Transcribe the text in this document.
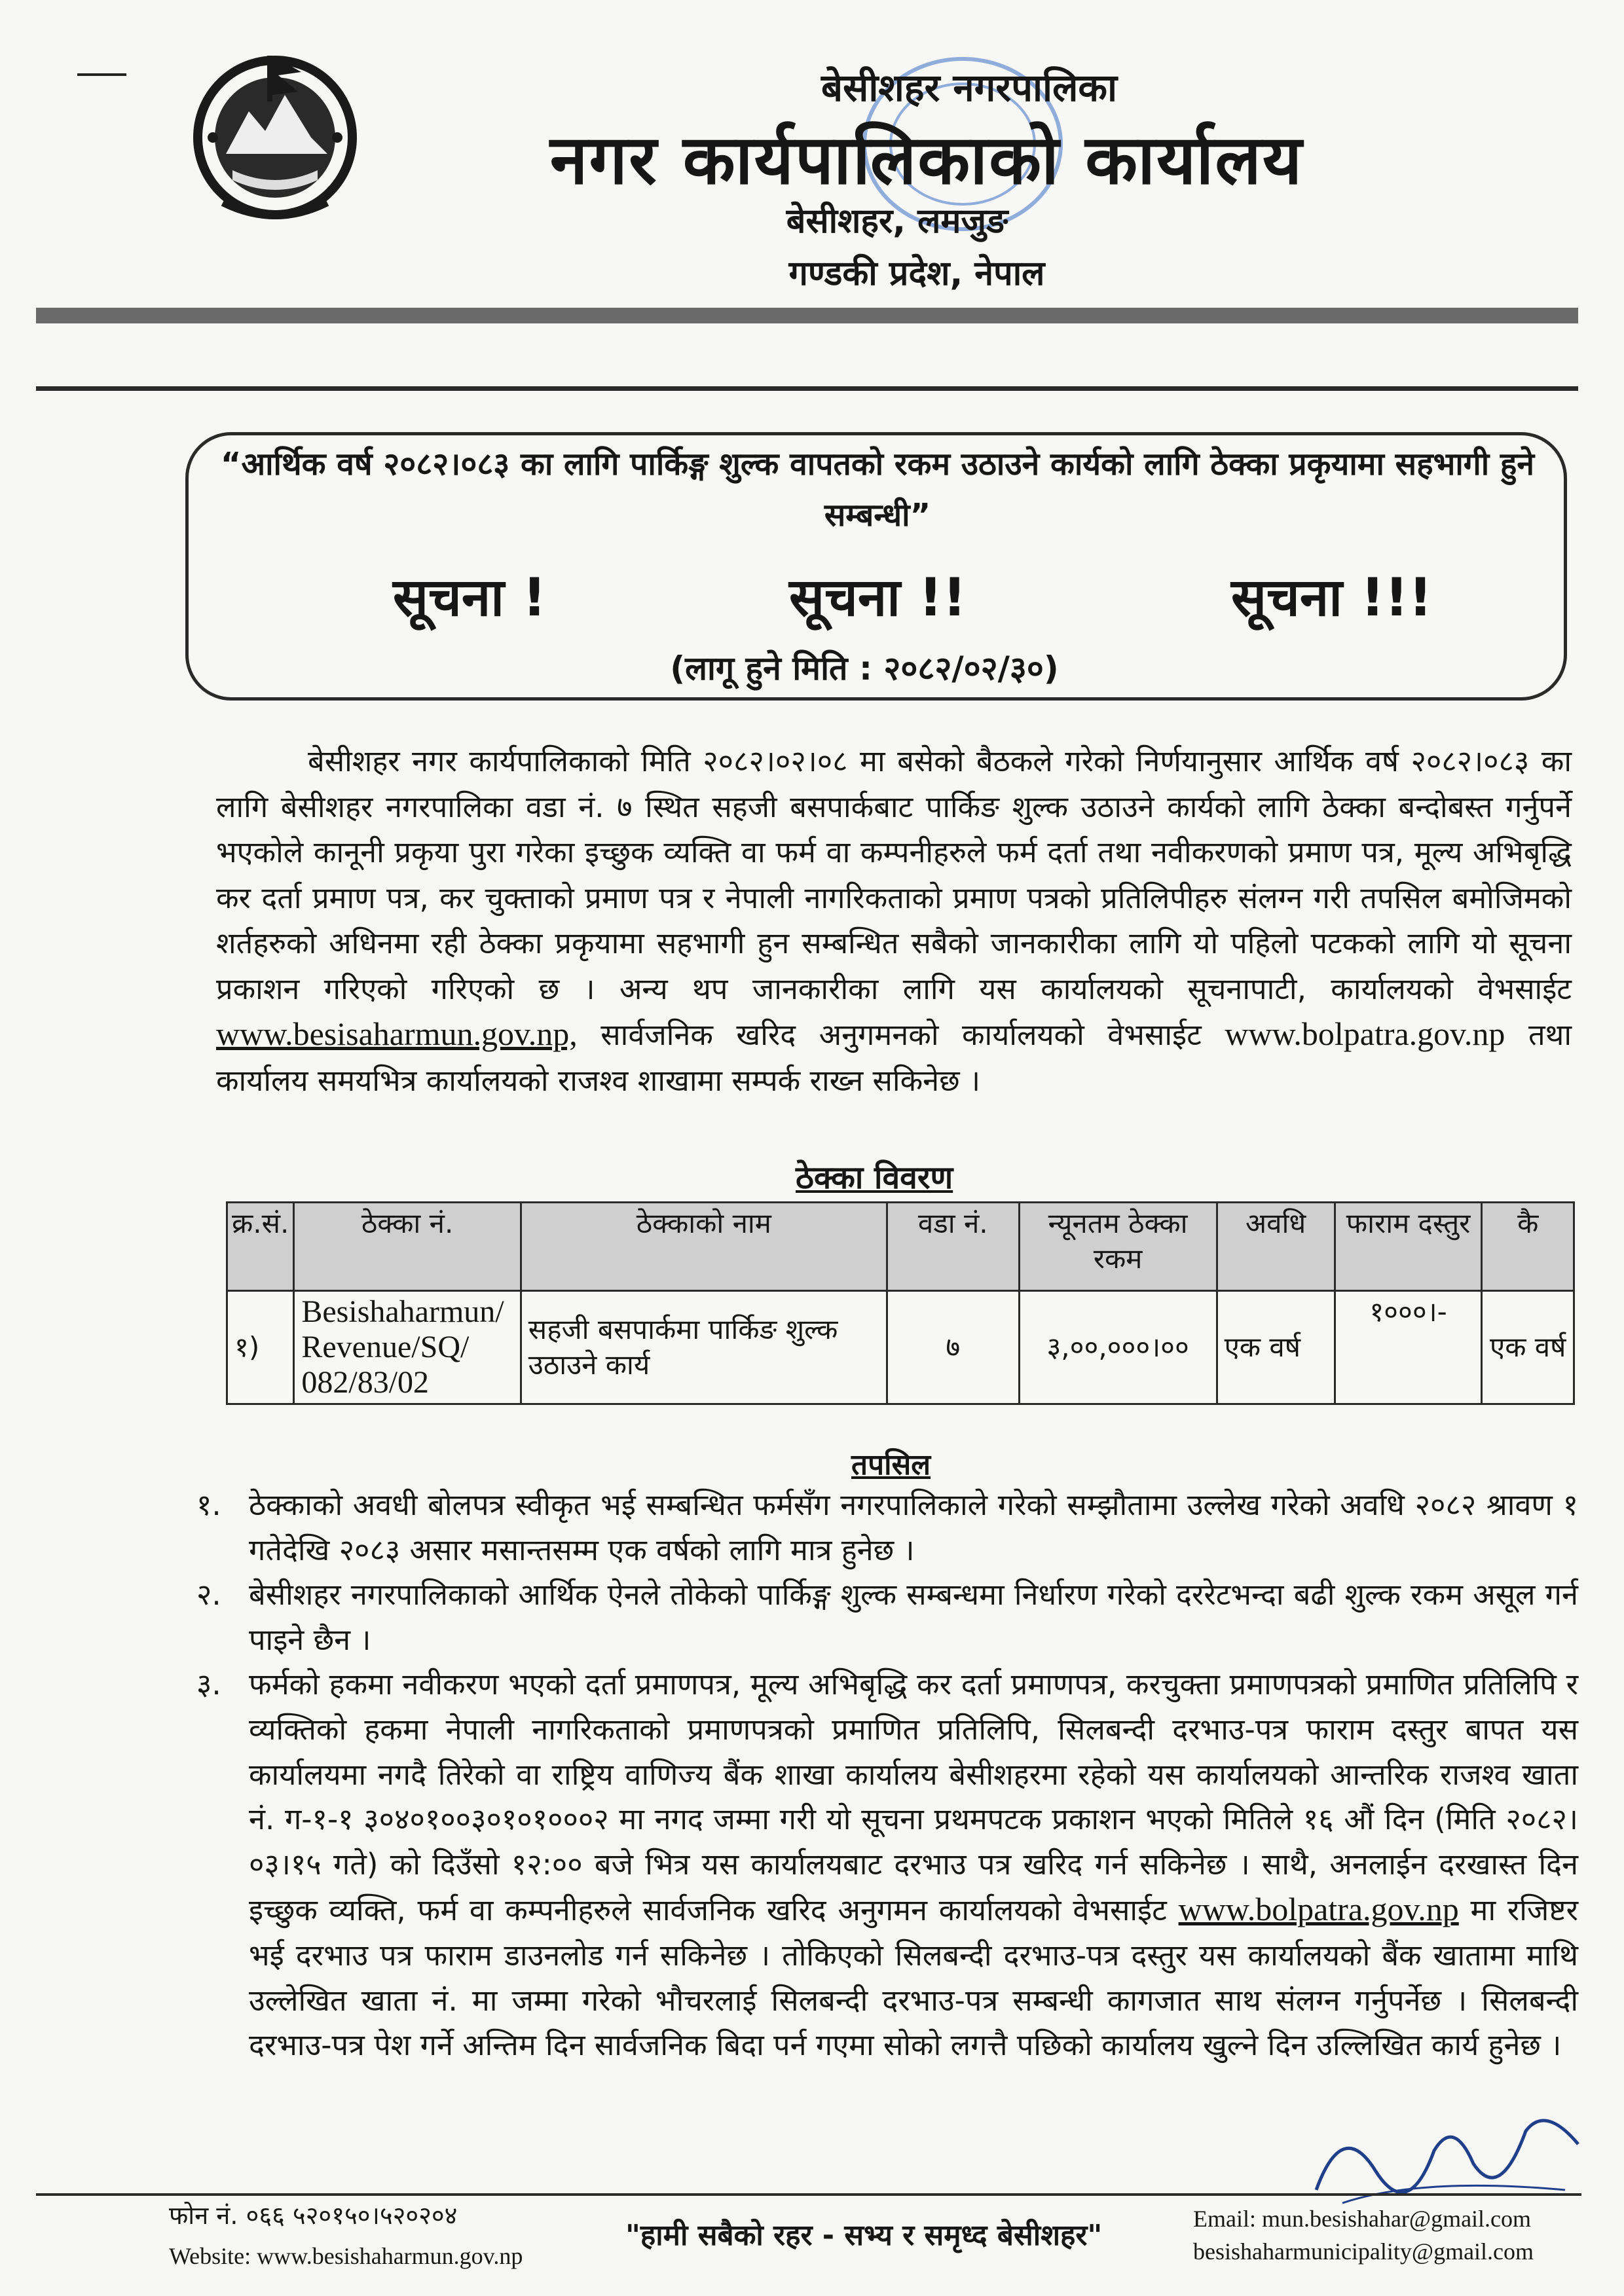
बेसीशहर नगरपालिका
नगर कार्यपालिकाको कार्यालय
बेसीशहर, लमजुङ
गण्डकी प्रदेश, नेपाल
“आर्थिक वर्ष २०८२।०८३ का लागि पार्किङ्ग शुल्क वापतको रकम उठाउने कार्यको लागि ठेक्का प्रकृयामा सहभागी हुने सम्बन्धी”
सूचना !	सूचना !!	सूचना !!!
(लागू हुने मिति : २०८२/०२/३०)
बेसीशहर नगर कार्यपालिकाको मिति २०८२।०२।०८ मा बसेको बैठकले गरेको निर्णयानुसार आर्थिक वर्ष २०८२।०८३ का लागि बेसीशहर नगरपालिका वडा नं. ७ स्थित सहजी बसपार्कबाट पार्किङ शुल्क उठाउने कार्यको लागि ठेक्का बन्दोबस्त गर्नुपर्ने भएकोले कानूनी प्रकृया पुरा गरेका इच्छुक व्यक्ति वा फर्म वा कम्पनीहरुले फर्म दर्ता तथा नवीकरणको प्रमाण पत्र, मूल्य अभिबृद्धि कर दर्ता प्रमाण पत्र, कर चुक्ताको प्रमाण पत्र र नेपाली नागरिकताको प्रमाण पत्रको प्रतिलिपीहरु संलग्न गरी तपसिल बमोजिमको शर्तहरुको अधिनमा रही ठेक्का प्रकृयामा सहभागी हुन सम्बन्धित सबैको जानकारीका लागि यो पहिलो पटकको लागि यो सूचना प्रकाशन गरिएको गरिएको छ । अन्य थप जानकारीका लागि यस कार्यालयको सूचनापाटी, कार्यालयको वेभसाईट www.besisaharmun.gov.np, सार्वजनिक खरिद अनुगमनको कार्यालयको वेभसाईट www.bolpatra.gov.np तथा कार्यालय समयभित्र कार्यालयको राजश्व शाखामा सम्पर्क राख्न सकिनेछ ।
ठेक्का विवरण
क्र.सं.	ठेक्का नं.	ठेक्काको नाम	वडा नं.	न्यूनतम ठेक्का रकम	अवधि	फाराम दस्तुर	कै
१)	Besishaharmun/ Revenue/SQ/ 082/83/02	सहजी बसपार्कमा पार्किङ शुल्क उठाउने कार्य	७	३,००,०००।००	एक वर्ष	१०००।-	एक वर्ष
तपसिल
१. ठेक्काको अवधी बोलपत्र स्वीकृत भई सम्बन्धित फर्मसँग नगरपालिकाले गरेको सम्झौतामा उल्लेख गरेको अवधि २०८२ श्रावण १ गतेदेखि २०८३ असार मसान्तसम्म एक वर्षको लागि मात्र हुनेछ ।
२. बेसीशहर नगरपालिकाको आर्थिक ऐनले तोकेको पार्किङ्ग शुल्क सम्बन्धमा निर्धारण गरेको दररेटभन्दा बढी शुल्क रकम असूल गर्न पाइने छैन ।
३. फर्मको हकमा नवीकरण भएको दर्ता प्रमाणपत्र, मूल्य अभिबृद्धि कर दर्ता प्रमाणपत्र, करचुक्ता प्रमाणपत्रको प्रमाणित प्रतिलिपि र व्यक्तिको हकमा नेपाली नागरिकताको प्रमाणपत्रको प्रमाणित प्रतिलिपि, सिलबन्दी दरभाउ-पत्र फाराम दस्तुर बापत यस कार्यालयमा नगदै तिरेको वा राष्ट्रिय वाणिज्य बैंक शाखा कार्यालय बेसीशहरमा रहेको यस कार्यालयको आन्तरिक राजश्व खाता नं. ग-१-१ ३०४०१००३०१०१०००२ मा नगद जम्मा गरी यो सूचना प्रथमपटक प्रकाशन भएको मितिले १६ औं दिन (मिति २०८२।०३।१५ गते) को दिउँसो १२:०० बजे भित्र यस कार्यालयबाट दरभाउ पत्र खरिद गर्न सकिनेछ । साथै, अनलाईन दरखास्त दिन इच्छुक व्यक्ति, फर्म वा कम्पनीहरुले सार्वजनिक खरिद अनुगमन कार्यालयको वेभसाईट www.bolpatra.gov.np मा रजिष्टर भई दरभाउ पत्र फाराम डाउनलोड गर्न सकिनेछ । तोकिएको सिलबन्दी दरभाउ-पत्र दस्तुर यस कार्यालयको बैंक खातामा माथि उल्लेखित खाता नं. मा जम्मा गरेको भौचरलाई सिलबन्दी दरभाउ-पत्र सम्बन्धी कागजात साथ संलग्न गर्नुपर्नेछ । सिलबन्दी दरभाउ-पत्र पेश गर्ने अन्तिम दिन सार्वजनिक बिदा पर्न गएमा सोको लगत्तै पछिको कार्यालय खुल्ने दिन उल्लिखित कार्य हुनेछ ।
फोन नं. ०६६ ५२०१५०।५२०२०४
Website: www.besishaharmun.gov.np
"हामी सबैको रहर - सभ्य र समृध्द बेसीशहर"	Email: mun.besishahar@gmail.com
besishaharmunicipality@gmail.com
